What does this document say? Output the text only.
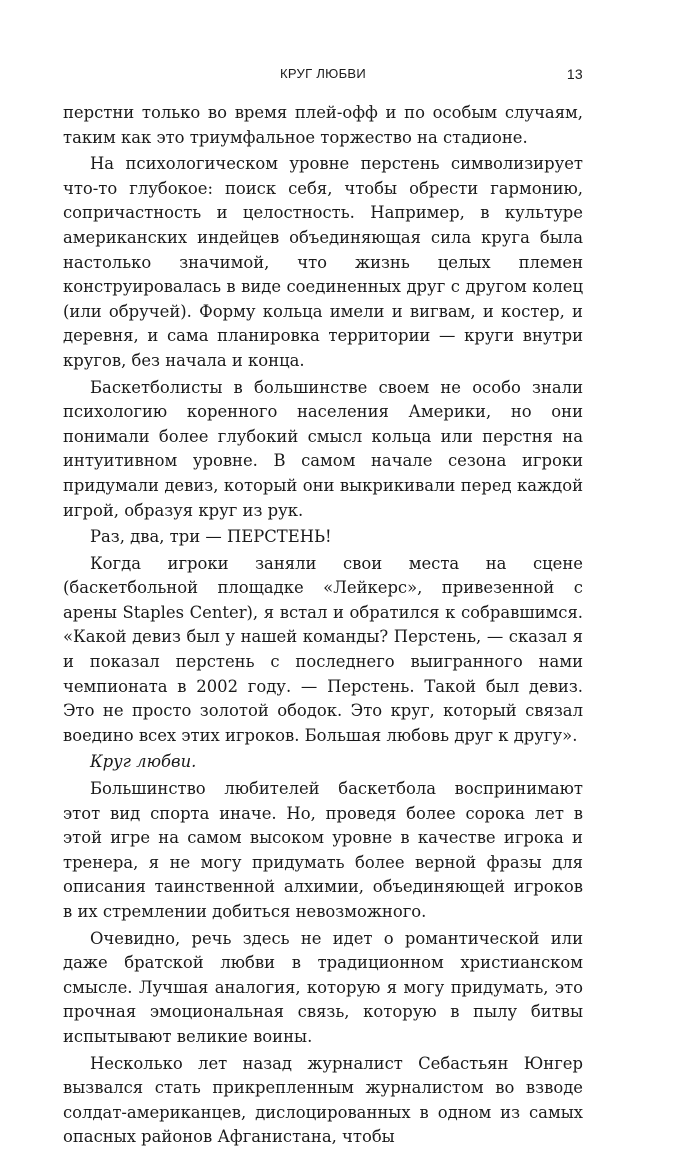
КРУГ ЛЮБВИ	13

перстни только во время плей-офф и по особым случаям, таким как это триумфальное торжество на стадионе.

На психологическом уровне перстень символизирует что-то глубокое: поиск себя, чтобы обрести гармонию, сопричастность и целостность. Например, в культуре американских индейцев объединяющая сила круга была настолько значимой, что жизнь целых племен конструировалась в виде соединенных друг с другом колец (или обручей). Форму кольца имели и вигвам, и костер, и деревня, и сама планировка территории — круги внутри кругов, без начала и конца.

Баскетболисты в большинстве своем не особо знали психологию коренного населения Америки, но они понимали более глубокий смысл кольца или перстня на интуитивном уровне. В самом начале сезона игроки придумали девиз, который они выкрикивали перед каждой игрой, образуя круг из рук.

Раз, два, три — ПЕРСТЕНЬ!

Когда игроки заняли свои места на сцене (баскетбольной площадке «Лейкерс», привезенной с арены Staples Center), я встал и обратился к собравшимся. «Какой девиз был у нашей команды? Перстень, — сказал я и показал перстень с последнего выигранного нами чемпионата в 2002 году. — Перстень. Такой был девиз. Это не просто золотой ободок. Это круг, который связал воедино всех этих игроков. Большая любовь друг к другу».

Круг любви.

Большинство любителей баскетбола воспринимают этот вид спорта иначе. Но, проведя более сорока лет в этой игре на самом высоком уровне в качестве игрока и тренера, я не могу придумать более верной фразы для описания таинственной алхимии, объединяющей игроков в их стремлении добиться невозможного.

Очевидно, речь здесь не идет о романтической или даже братской любви в традиционном христианском смысле. Лучшая аналогия, которую я могу придумать, это прочная эмоциональная связь, которую в пылу битвы испытывают великие воины.

Несколько лет назад журналист Себастьян Юнгер вызвался стать прикрепленным журналистом во взводе солдат-американцев, дислоцированных в одном из самых опасных районов Афганистана, чтобы
